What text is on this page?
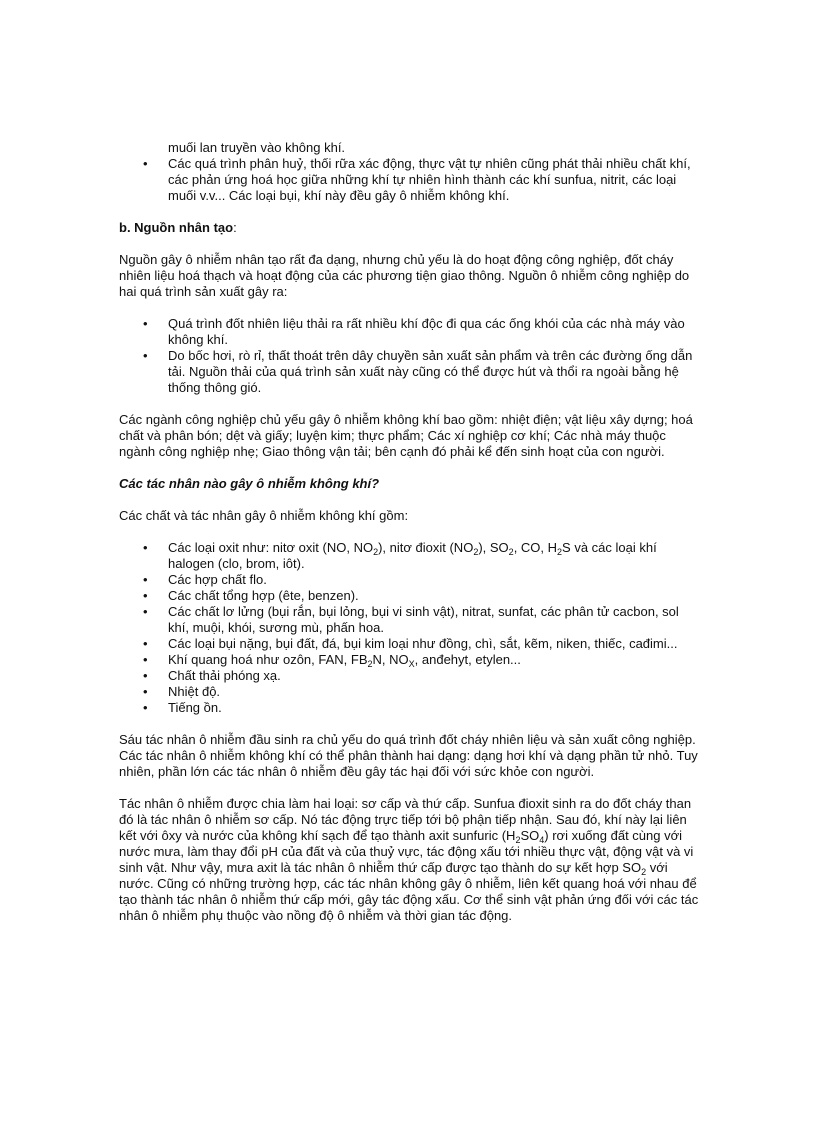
muối lan truyền vào không khí.
• Các quá trình phân huỷ, thối rữa xác động, thực vật tự nhiên cũng phát thải nhiều chất khí, các phản ứng hoá học giữa những khí tự nhiên hình thành các khí sunfua, nitrit, các loại muối v.v... Các loại bụi, khí này đều gây ô nhiễm không khí.

b. Nguồn nhân tạo:

Nguồn gây ô nhiễm nhân tạo rất đa dạng, nhưng chủ yếu là do hoạt động công nghiệp, đốt cháy nhiên liệu hoá thạch và hoạt động của các phương tiện giao thông. Nguồn ô nhiễm công nghiệp do hai quá trình sản xuất gây ra:

• Quá trình đốt nhiên liệu thải ra rất nhiều khí độc đi qua các ống khói của các nhà máy vào không khí.
• Do bốc hơi, rò rỉ, thất thoát trên dây chuyền sản xuất sản phẩm và trên các đường ống dẫn tải. Nguồn thải của quá trình sản xuất này cũng có thể được hút và thổi ra ngoài bằng hệ thống thông gió.

Các ngành công nghiệp chủ yếu gây ô nhiễm không khí bao gồm: nhiệt điện; vật liệu xây dựng; hoá chất và phân bón; dệt và giấy; luyện kim; thực phẩm; Các xí nghiệp cơ khí; Các nhà máy thuộc ngành công nghiệp nhẹ; Giao thông vận tải; bên cạnh đó phải kể đến sinh hoạt của con người.

Các tác nhân nào gây ô nhiễm không khí?

Các chất và tác nhân gây ô nhiễm không khí gồm:

• Các loại oxit như: nitơ oxit (NO, $NO_2$), nitơ đioxit $(NO_2)$, $SO_2$, CO, $H_2S$ và các loại khí halogen (clo, brom, iôt).
• Các hợp chất flo.
• Các chất tổng hợp (ête, benzen).
• Các chất lơ lửng (bụi rắn, bụi lỏng, bụi vi sinh vật), nitrat, sunfat, các phân tử cacbon, sol khí, muội, khói, sương mù, phấn hoa.
• Các loại bụi nặng, bụi đất, đá, bụi kim loại như đồng, chì, sắt, kẽm, niken, thiếc, cađimi...
• Khí quang hoá như ozôn, FAN, $FB_2N$, $NO_X$, anđehyt, etylen...
• Chất thải phóng xạ.
• Nhiệt độ.
• Tiếng ồn.

Sáu tác nhân ô nhiễm đầu sinh ra chủ yếu do quá trình đốt cháy nhiên liệu và sản xuất công nghiệp. Các tác nhân ô nhiễm không khí có thể phân thành hai dạng: dạng hơi khí và dạng phần tử nhỏ. Tuy nhiên, phần lớn các tác nhân ô nhiễm đều gây tác hại đối với sức khỏe con người.

Tác nhân ô nhiễm được chia làm hai loại: sơ cấp và thứ cấp. Sunfua đioxit sinh ra do đốt cháy than đó là tác nhân ô nhiễm sơ cấp. Nó tác động trực tiếp tới bộ phận tiếp nhận. Sau đó, khí này lại liên kết với ôxy và nước của không khí sạch để tạo thành axit sunfuric $(H_2SO_4)$ rơi xuống đất cùng với nước mưa, làm thay đổi pH của đất và của thuỷ vực, tác động xấu tới nhiều thực vật, động vật và vi sinh vật. Như vậy, mưa axit là tác nhân ô nhiễm thứ cấp được tạo thành do sự kết hợp $SO_2$ với nước. Cũng có những trường hợp, các tác nhân không gây ô nhiễm, liên kết quang hoá với nhau để tạo thành tác nhân ô nhiễm thứ cấp mới, gây tác động xấu. Cơ thể sinh vật phản ứng đối với các tác nhân ô nhiễm phụ thuộc vào nồng độ ô nhiễm và thời gian tác động.
